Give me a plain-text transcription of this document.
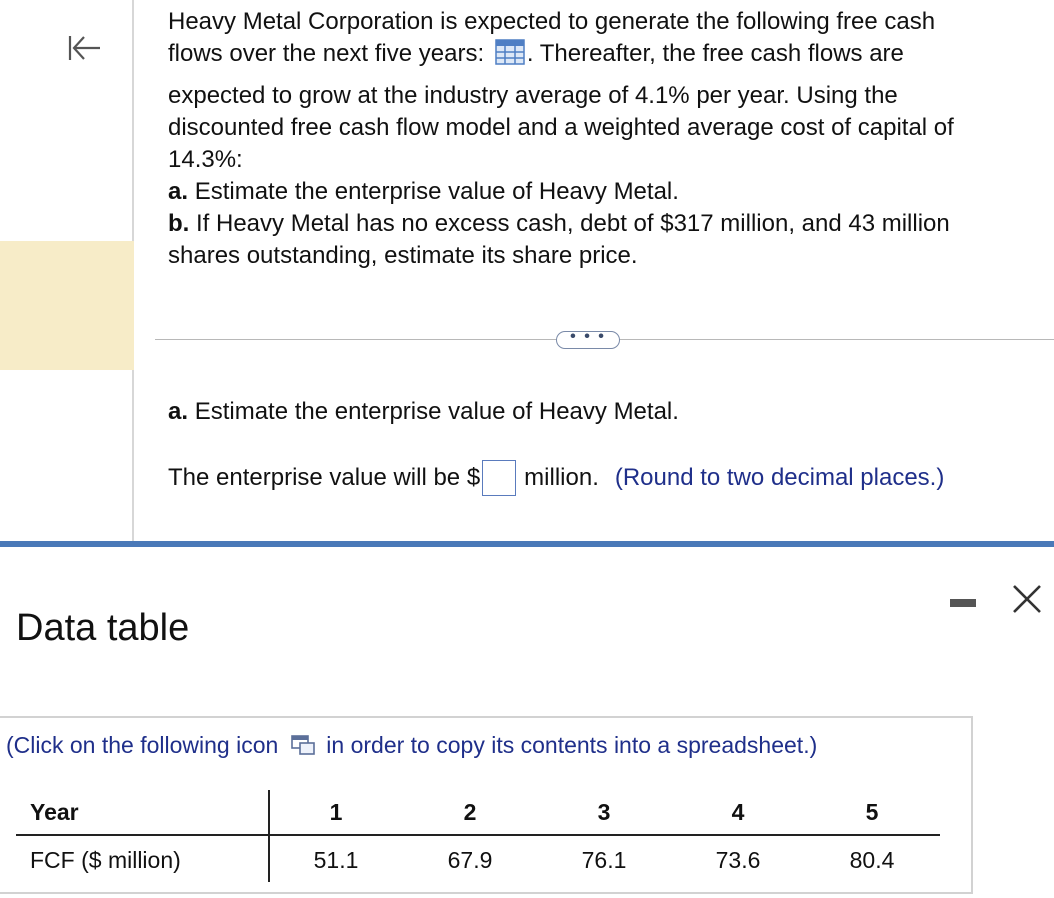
Heavy Metal Corporation is expected to generate the following free cash
flows over the next five years: . Thereafter, the free cash flows are
expected to grow at the industry average of 4.1% per year. Using the
discounted free cash flow model and a weighted average cost of capital of
14.3%:
a. Estimate the enterprise value of Heavy Metal.
b. If Heavy Metal has no excess cash, debt of $317 million, and 43 million
shares outstanding, estimate its share price.
• • •
a. Estimate the enterprise value of Heavy Metal.
The enterprise value will be $ million. (Round to two decimal places.)
Data table
(Click on the following icon in order to copy its contents into a spreadsheet.)
Year	1	2	3	4	5
FCF ($ million)	51.1	67.9	76.1	73.6	80.4
